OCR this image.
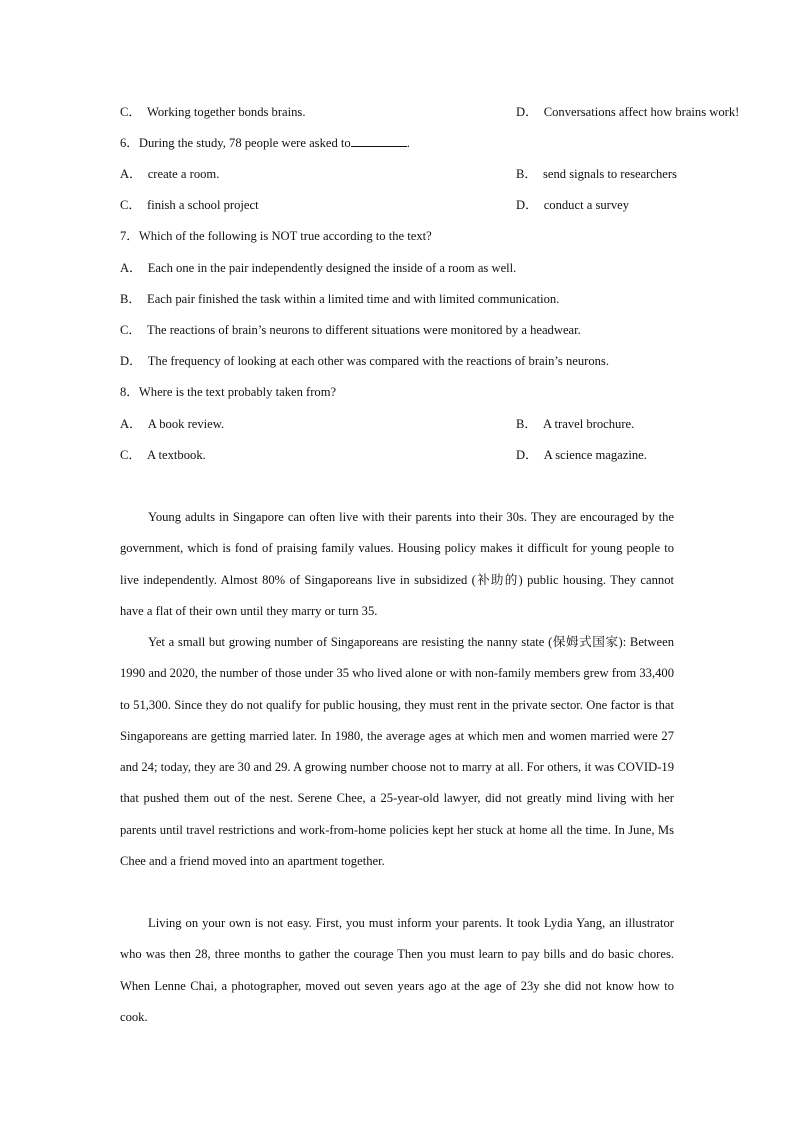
C． Working together bonds brains.	D． Conversations affect how brains work!
6．During the study, 78 people were asked to	.
A． create a room.	B． send signals to researchers
C． finish a school project	D． conduct a survey
7．Which of the following is NOT true according to the text?
A． Each one in the pair independently designed the inside of a room as well.
B． Each pair finished the task within a limited time and with limited communication.
C． The reactions of brain’s neurons to different situations were monitored by a headwear.
D． The frequency of looking at each other was compared with the reactions of brain’s neurons.
8．Where is the text probably taken from?
A． A book review.	B． A travel brochure.
C． A textbook.	D． A science magazine.
Young adults in Singapore can often live with their parents into their 30s. They are encouraged by the government, which is fond of praising family values. Housing policy makes it difficult for young people to live independently. Almost 80% of Singaporeans live in subsidized (补助的) public housing. They cannot have a flat of their own until they marry or turn 35.
Yet a small but growing number of Singaporeans are resisting the nanny state (保姆式国家): Between 1990 and 2020, the number of those under 35 who lived alone or with non-family members grew from 33,400 to 51,300. Since they do not qualify for public housing, they must rent in the private sector. One factor is that Singaporeans are getting married later. In 1980, the average ages at which men and women married were 27 and 24; today, they are 30 and 29. A growing number choose not to marry at all. For others, it was COVID-19 that pushed them out of the nest. Serene Chee, a 25-year-old lawyer, did not greatly mind living with her parents until travel restrictions and work-from-home policies kept her stuck at home all the time. In June, Ms Chee and a friend moved into an apartment together.
Living on your own is not easy. First, you must inform your parents. It took Lydia Yang, an illustrator who was then 28, three months to gather the courage Then you must learn to pay bills and do basic chores. When Lenne Chai, a photographer, moved out seven years ago at the age of 23y she did not know how to cook.
